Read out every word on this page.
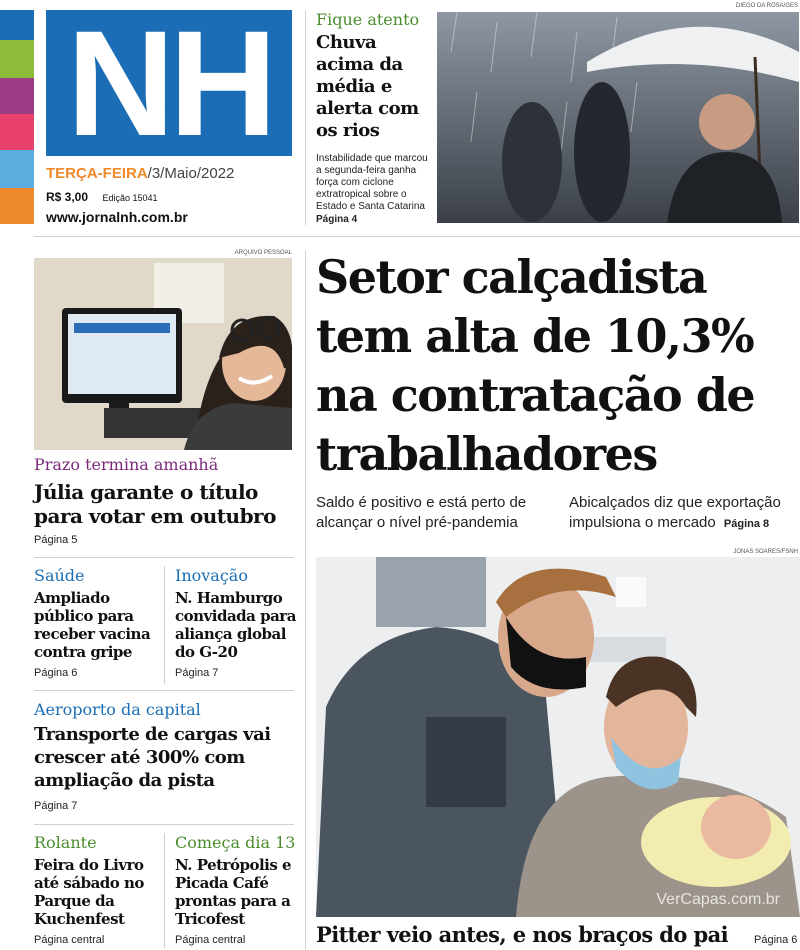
NH
TERÇA-FEIRA/3/Maio/2022
R$ 3,00 Edição 15041
www.jornalnh.com.br
Fique atento
Chuva acima da média e alerta com os rios
Instabilidade que marcou a segunda-feira ganha força com ciclone extratropical sobre o Estado e Santa Catarina
Página 4
DIEGO DA ROSA/GES
ARQUIVO PESSOAL
Prazo termina amanhã
Júlia garante o título para votar em outubro
Página 5
Saúde
Ampliado público para receber vacina contra gripe
Página 6
Inovação
N. Hamburgo convidada para aliança global do G-20
Página 7
Aeroporto da capital
Transporte de cargas vai crescer até 300% com ampliação da pista
Página 7
Rolante
Feira do Livro até sábado no Parque da Kuchenfest
Página central
Começa dia 13
N. Petrópolis e Picada Café prontas para a Tricofest
Página central
Setor calçadista tem alta de 10,3% na contratação de trabalhadores
Saldo é positivo e está perto de alcançar o nível pré-pandemia
Abicalçados diz que exportação impulsiona o mercado Página 8
JONAS SOARES/FSNH
VerCapas.com.br
Pitter veio antes, e nos braços do pai Página 6
